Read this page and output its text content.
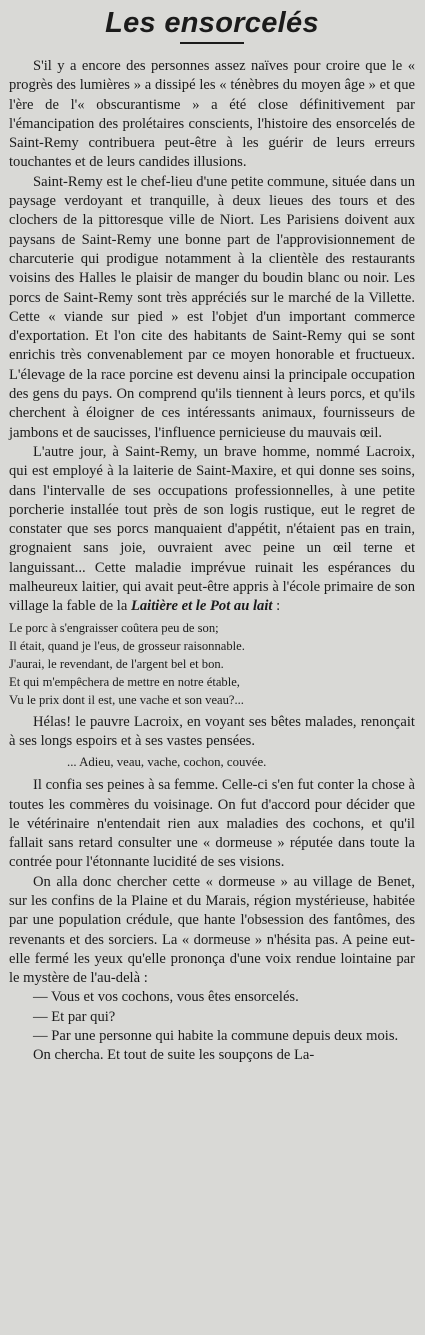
Les ensorcelés

S'il y a encore des personnes assez naïves pour croire que le « progrès des lumières » a dissipé les « ténèbres du moyen âge » et que l'ère de l'« obscurantisme » a été close définitivement par l'émancipation des prolétaires conscients, l'histoire des ensorcelés de Saint-Remy contribuera peut-être à les guérir de leurs erreurs touchantes et de leurs candides illusions.

Saint-Remy est le chef-lieu d'une petite commune, située dans un paysage verdoyant et tranquille, à deux lieues des tours et des clochers de la pittoresque ville de Niort. Les Parisiens doivent aux paysans de Saint-Remy une bonne part de l'approvisionnement de charcuterie qui prodigue notamment à la clientèle des restaurants voisins des Halles le plaisir de manger du boudin blanc ou noir. Les porcs de Saint-Remy sont très appréciés sur le marché de la Villette. Cette « viande sur pied » est l'objet d'un important commerce d'exportation. Et l'on cite des habitants de Saint-Remy qui se sont enrichis très convenablement par ce moyen honorable et fructueux. L'élevage de la race porcine est devenu ainsi la principale occupation des gens du pays. On comprend qu'ils tiennent à leurs porcs, et qu'ils cherchent à éloigner de ces intéressants animaux, fournisseurs de jambons et de saucisses, l'influence pernicieuse du mauvais œil.

L'autre jour, à Saint-Remy, un brave homme, nommé Lacroix, qui est employé à la laiterie de Saint-Maxire, et qui donne ses soins, dans l'intervalle de ses occupations professionnelles, à une petite porcherie installée tout près de son logis rustique, eut le regret de constater que ses porcs manquaient d'appétit, n'étaient pas en train, grognaient sans joie, ouvraient avec peine un œil terne et languissant... Cette maladie imprévue ruinait les espérances du malheureux laitier, qui avait peut-être appris à l'école primaire de son village la fable de la Laitière et le Pot au lait :

Le porc à s'engraisser coûtera peu de son;
Il était, quand je l'eus, de grosseur raisonnable.
J'aurai, le revendant, de l'argent bel et bon.
Et qui m'empêchera de mettre en notre étable,
Vu le prix dont il est, une vache et son veau?...

Hélas! le pauvre Lacroix, en voyant ses bêtes malades, renonçait à ses longs espoirs et à ses vastes pensées.

... Adieu, veau, vache, cochon, couvée.

Il confia ses peines à sa femme. Celle-ci s'en fut conter la chose à toutes les commères du voisinage. On fut d'accord pour décider que le vétérinaire n'entendait rien aux maladies des cochons, et qu'il fallait sans retard consulter une « dormeuse » réputée dans toute la contrée pour l'étonnante lucidité de ses visions.

On alla donc chercher cette « dormeuse » au village de Benet, sur les confins de la Plaine et du Marais, région mystérieuse, habitée par une population crédule, que hante l'obsession des fantômes, des revenants et des sorciers. La « dormeuse » n'hésita pas. A peine eut-elle fermé les yeux qu'elle prononça d'une voix rendue lointaine par le mystère de l'au-delà :

— Vous et vos cochons, vous êtes ensorcelés.

— Et par qui?

— Par une personne qui habite la commune depuis deux mois.

On chercha. Et tout de suite les soupçons de La-
